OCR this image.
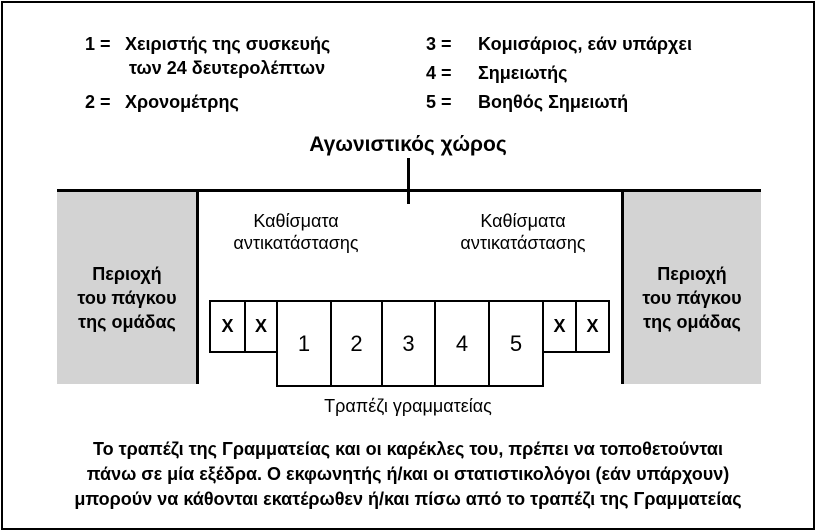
1 = Χειριστής της συσκευής
των 24 δευτερολέπτων
2 = Χρονομέτρης
3 = Κομισάριος, εάν υπάρχει
4 = Σημειωτής
5 = Βοηθός Σημειωτή
Αγωνιστικός χώρος
Περιοχή
του πάγκου
της ομάδας
Περιοχή
του πάγκου
της ομάδας
Καθίσματα
αντικατάστασης
Καθίσματα
αντικατάστασης
X	X
1	2	3	4	5
X	X
Τραπέζι γραμματείας
Το τραπέζι της Γραμματείας και οι καρέκλες του, πρέπει να τοποθετούνται
πάνω σε μία εξέδρα. Ο εκφωνητής ή/και οι στατιστικολόγοι (εάν υπάρχουν)
μπορούν να κάθονται εκατέρωθεν ή/και πίσω από το τραπέζι της Γραμματείας
